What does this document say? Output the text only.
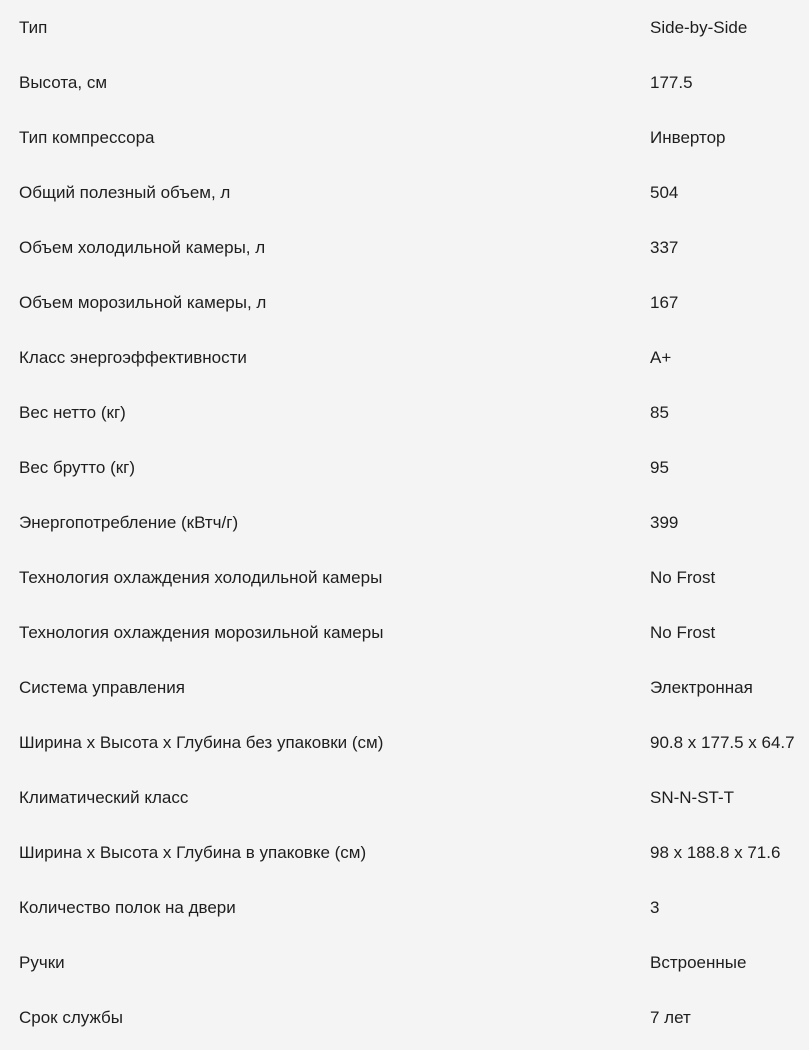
Тип	Side-by-Side
Высота, см	177.5
Тип компрессора	Инвертор
Общий полезный объем, л	504
Объем холодильной камеры, л	337
Объем морозильной камеры, л	167
Класс энергоэффективности	A+
Вес нетто (кг)	85
Вес брутто (кг)	95
Энергопотребление (кВтч/г)	399
Технология охлаждения холодильной камеры	No Frost
Технология охлаждения морозильной камеры	No Frost
Система управления	Электронная
Ширина x Высота x Глубина без упаковки (см)	90.8 x 177.5 x 64.7
Климатический класс	SN-N-ST-T
Ширина x Высота x Глубина в упаковке (см)	98 x 188.8 x 71.6
Количество полок на двери	3
Ручки	Встроенные
Срок службы	7 лет
